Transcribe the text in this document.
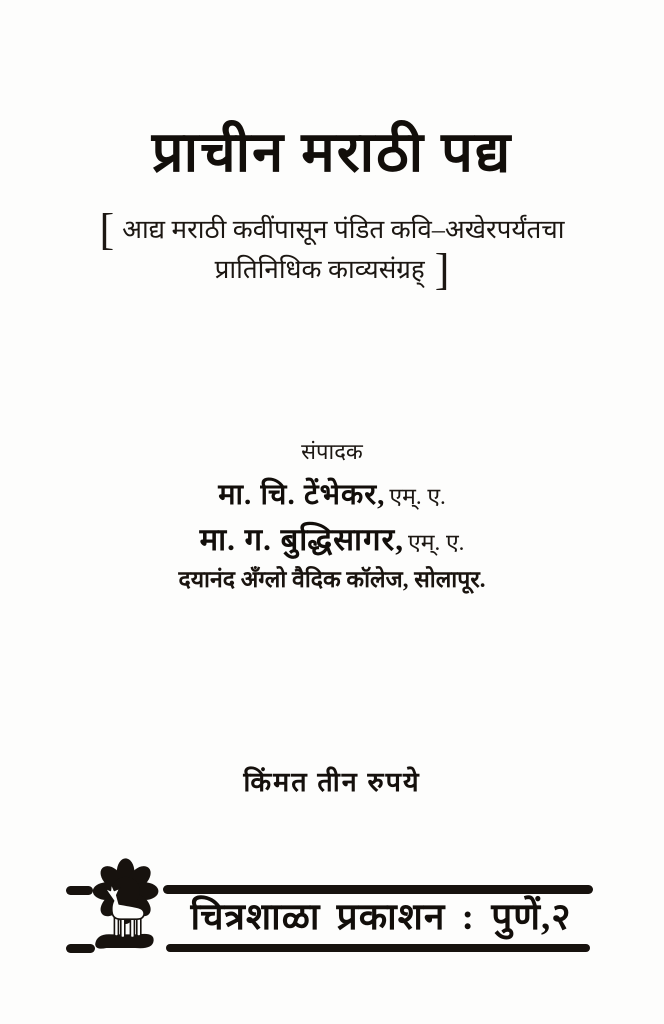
प्राचीन मराठी पद्य
[ आद्य मराठी कवींपासून पंडित कवि–अखेरपर्यंतचा
प्रातिनिधिक काव्यसंग्रह् ]
संपादक
मा. चि. टेंभेकर, एम्. ए.
मा. ग. बुद्धिसागर, एम्. ए.
दयानंद अँग्लो वैदिक कॉलेज, सोलापूर.
किंमत तीन रुपये
चित्रशाळा प्रकाशन : पुणें,२
